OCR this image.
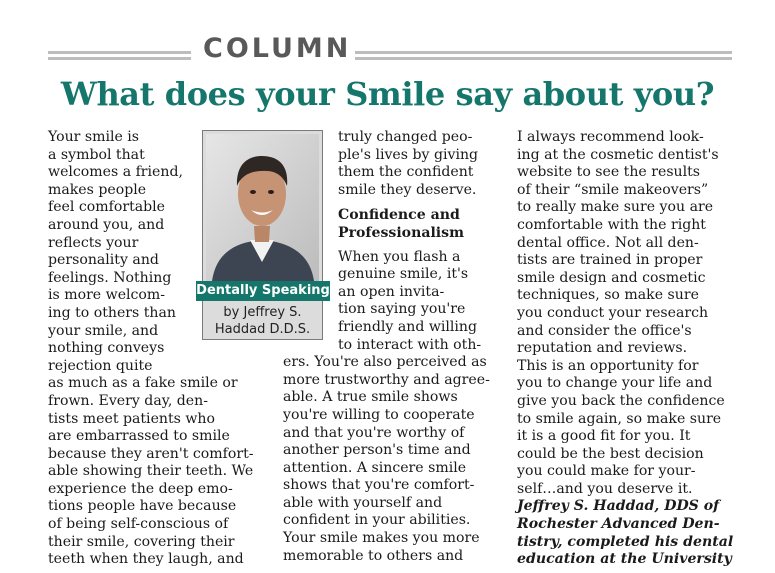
COLUMN
What does your Smile say about you?

Your smile is
a symbol that
welcomes a friend,
makes people
feel comfortable
around you, and
reflects your
personality and
feelings. Nothing
is more welcom-
ing to others than
your smile, and
nothing conveys
rejection quite
as much as a fake smile or
frown. Every day, den-
tists meet patients who
are embarrassed to smile
because they aren't comfort-
able showing their teeth. We
experience the deep emo-
tions people have because
of being self-conscious of
their smile, covering their
teeth when they laugh, and

Dentally Speaking
by Jeffrey S.
Haddad D.D.S.

truly changed peo-
ple's lives by giving
them the confident
smile they deserve.

Confidence and
Professionalism

When you flash a
genuine smile, it's
an open invita-
tion saying you're
friendly and willing
to interact with oth-
ers. You're also perceived as
more trustworthy and agree-
able. A true smile shows
you're willing to cooperate
and that you're worthy of
another person's time and
attention. A sincere smile
shows that you're comfort-
able with yourself and
confident in your abilities.
Your smile makes you more
memorable to others and

I always recommend look-
ing at the cosmetic dentist's
website to see the results
of their “smile makeovers”
to really make sure you are
comfortable with the right
dental office. Not all den-
tists are trained in proper
smile design and cosmetic
techniques, so make sure
you conduct your research
and consider the office's
reputation and reviews.
This is an opportunity for
you to change your life and
give you back the confidence
to smile again, so make sure
it is a good fit for you. It
could be the best decision
you could make for your-
self…and you deserve it.

Jeffrey S. Haddad, DDS of
Rochester Advanced Den-
tistry, completed his dental
education at the University
